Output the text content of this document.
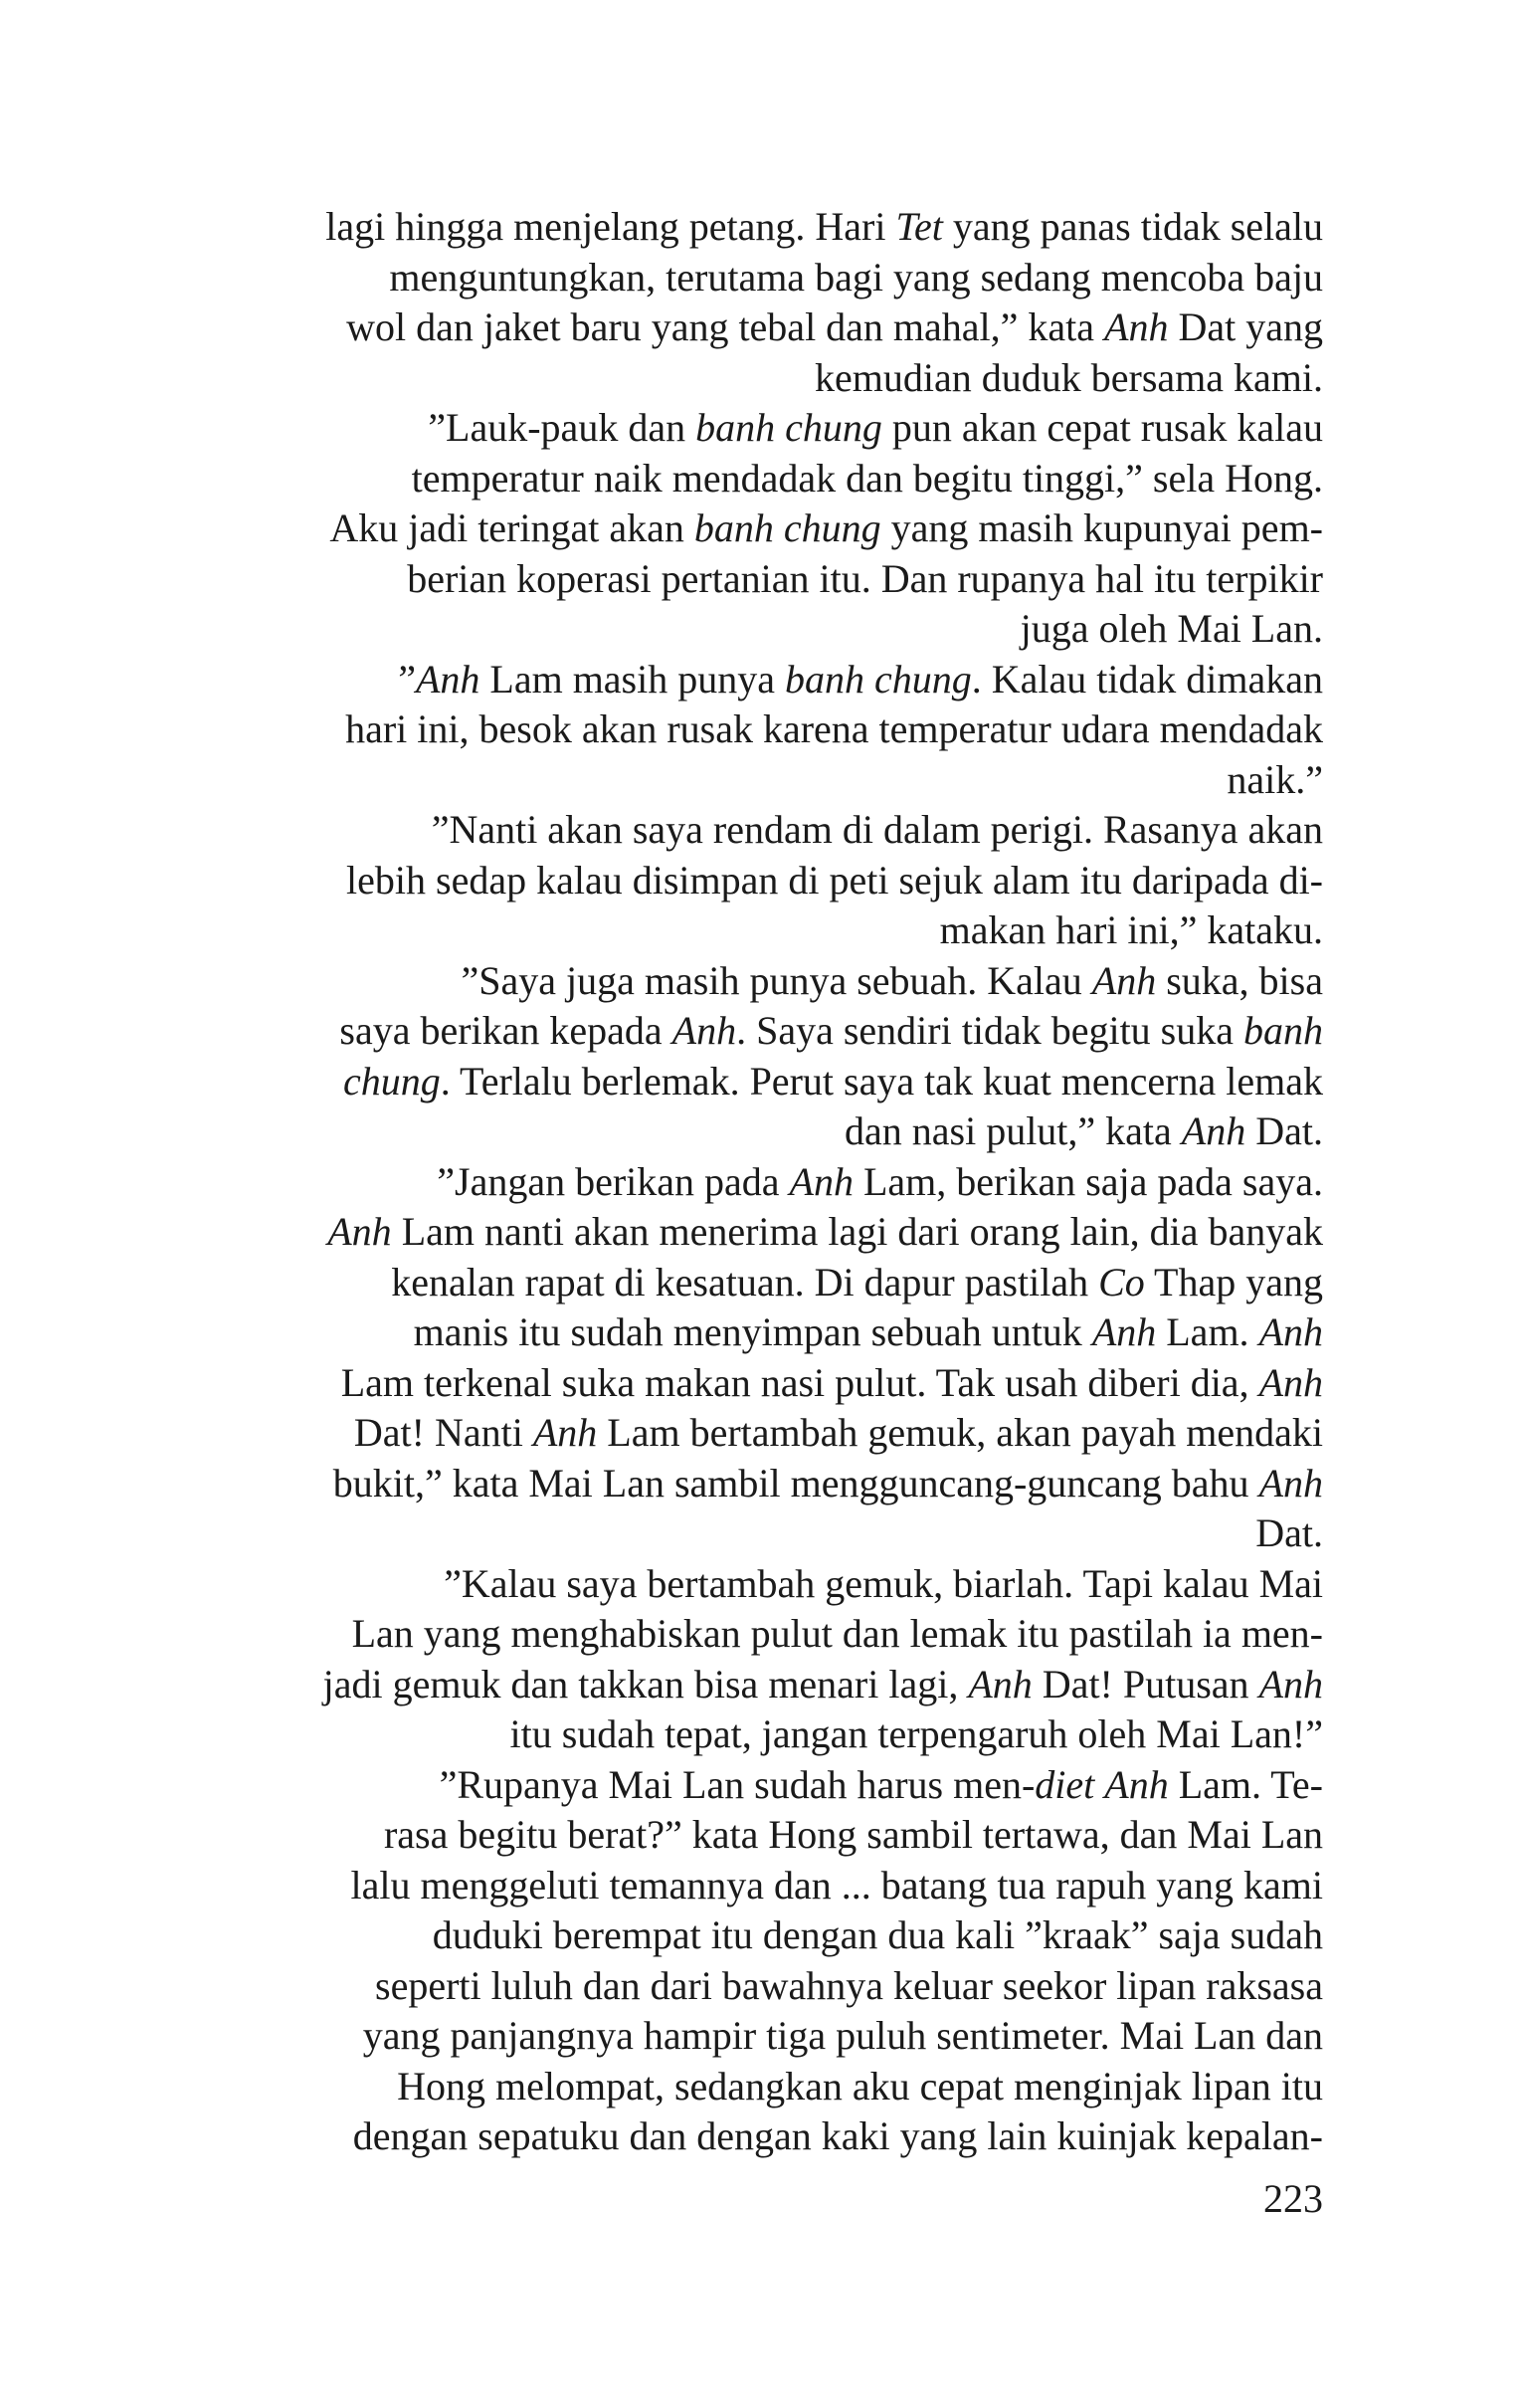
lagi hingga menjelang petang. Hari Tet yang panas tidak selalu
menguntungkan, terutama bagi yang sedang mencoba baju
wol dan jaket baru yang tebal dan mahal,” kata Anh Dat yang
kemudian duduk bersama kami.
”Lauk-pauk dan banh chung pun akan cepat rusak kalau
temperatur naik mendadak dan begitu tinggi,” sela Hong.
Aku jadi teringat akan banh chung yang masih kupunyai pem-
berian koperasi pertanian itu. Dan rupanya hal itu terpikir
juga oleh Mai Lan.
”Anh Lam masih punya banh chung. Kalau tidak dimakan
hari ini, besok akan rusak karena temperatur udara mendadak
naik.”
”Nanti akan saya rendam di dalam perigi. Rasanya akan
lebih sedap kalau disimpan di peti sejuk alam itu daripada di-
makan hari ini,” kataku.
”Saya juga masih punya sebuah. Kalau Anh suka, bisa
saya berikan kepada Anh. Saya sendiri tidak begitu suka banh
chung. Terlalu berlemak. Perut saya tak kuat mencerna lemak
dan nasi pulut,” kata Anh Dat.
”Jangan berikan pada Anh Lam, berikan saja pada saya.
Anh Lam nanti akan menerima lagi dari orang lain, dia banyak
kenalan rapat di kesatuan. Di dapur pastilah Co Thap yang
manis itu sudah menyimpan sebuah untuk Anh Lam. Anh
Lam terkenal suka makan nasi pulut. Tak usah diberi dia, Anh
Dat! Nanti Anh Lam bertambah gemuk, akan payah mendaki
bukit,” kata Mai Lan sambil mengguncang-guncang bahu Anh
Dat.
”Kalau saya bertambah gemuk, biarlah. Tapi kalau Mai
Lan yang menghabiskan pulut dan lemak itu pastilah ia men-
jadi gemuk dan takkan bisa menari lagi, Anh Dat! Putusan Anh
itu sudah tepat, jangan terpengaruh oleh Mai Lan!”
”Rupanya Mai Lan sudah harus men-diet Anh Lam. Te-
rasa begitu berat?” kata Hong sambil tertawa, dan Mai Lan
lalu menggeluti temannya dan ... batang tua rapuh yang kami
duduki berempat itu dengan dua kali ”kraak” saja sudah
seperti luluh dan dari bawahnya keluar seekor lipan raksasa
yang panjangnya hampir tiga puluh sentimeter. Mai Lan dan
Hong melompat, sedangkan aku cepat menginjak lipan itu
dengan sepatuku dan dengan kaki yang lain kuinjak kepalan-
223
